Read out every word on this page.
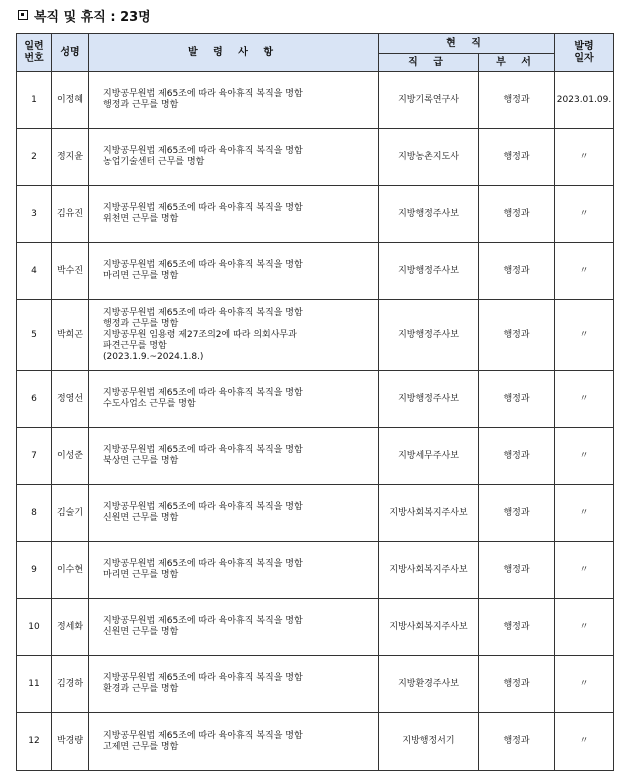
복직 및 휴직 : 23명
일련
번호	성명	발 령 사 항	현 직		발령
일자
			직 급	부 서	
1	이정혜	지방공무원법 제65조에 따라 육아휴직 복직을 명함
행정과 근무를 명함	지방기록연구사	행정과	2023.01.09.
2	정지윤	지방공무원법 제65조에 따라 육아휴직 복직을 명함
농업기술센터 근무를 명함	지방농촌지도사	행정과	〃
3	김유진	지방공무원법 제65조에 따라 육아휴직 복직을 명함
위천면 근무를 명함	지방행정주사보	행정과	〃
4	박수진	지방공무원법 제65조에 따라 육아휴직 복직을 명함
마리면 근무를 명함	지방행정주사보	행정과	〃
5	박희곤	지방공무원법 제65조에 따라 육아휴직 복직을 명함
행정과 근무를 명함
지방공무원 임용령 제27조의2에 따라 의회사무과
파견근무를 명함
(2023.1.9.~2024.1.8.)	지방행정주사보	행정과	〃
6	정영선	지방공무원법 제65조에 따라 육아휴직 복직을 명함
수도사업소 근무를 명함	지방행정주사보	행정과	〃
7	이성준	지방공무원법 제65조에 따라 육아휴직 복직을 명함
북상면 근무를 명함	지방세무주사보	행정과	〃
8	김술기	지방공무원법 제65조에 따라 육아휴직 복직을 명함
신원면 근무를 명함	지방사회복지주사보	행정과	〃
9	이수현	지방공무원법 제65조에 따라 육아휴직 복직을 명함
마리면 근무를 명함	지방사회복지주사보	행정과	〃
10	정세화	지방공무원법 제65조에 따라 육아휴직 복직을 명함
신원면 근무를 명함	지방사회복지주사보	행정과	〃
11	김경하	지방공무원법 제65조에 따라 육아휴직 복직을 명함
환경과 근무를 명함	지방환경주사보	행정과	〃
12	박경량	지방공무원법 제65조에 따라 육아휴직 복직을 명함
고제면 근무를 명함	지방행정서기	행정과	〃
